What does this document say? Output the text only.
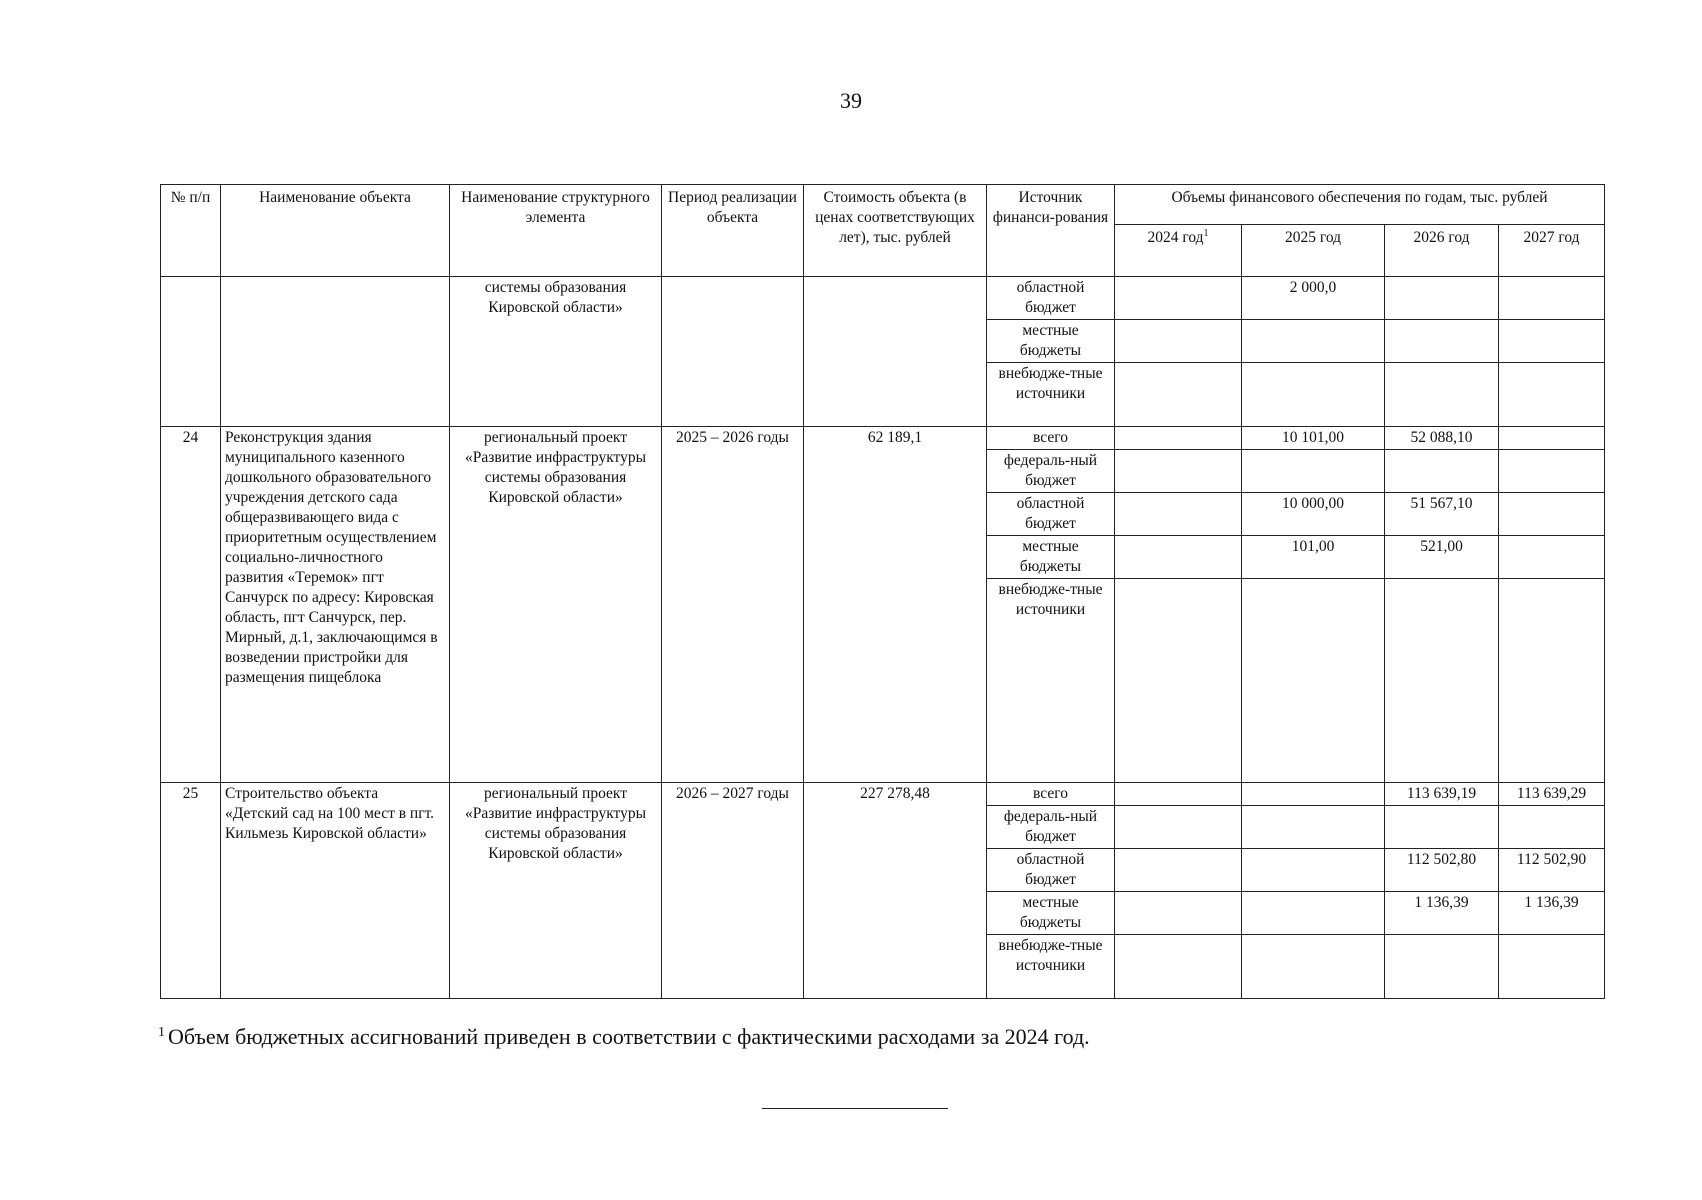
39
№ п/п	Наименование объекта	Наименование структурного элемента	Период реализации объекта	Стоимость объекта (в ценах соответствующих лет), тыс. рублей	Источник финанси-рования	Объемы финансового обеспечения по годам, тыс. рублей			
						2024 год$^1$	2025 год	2026 год	2027 год
		системы образования Кировской области»			областной бюджет		2 000,0		
					местные бюджеты				
					внебюдже-тные источники				
24	Реконструкция здания муниципального казенного дошкольного образовательного учреждения детского сада общеразвивающего вида с приоритетным осуществлением социально-личностного развития «Теремок» пгт Санчурск по адресу: Кировская область, пгт Санчурск, пер. Мирный, д.1, заключающимся в возведении пристройки для размещения пищеблока	региональный проект «Развитие инфраструктуры системы образования Кировской области»	2025 – 2026 годы	62 189,1	всего		10 101,00	52 088,10	
					федераль-ный бюджет				
					областной бюджет		10 000,00	51 567,10	
					местные бюджеты		101,00	521,00	
					внебюдже-тные источники				
25	Строительство объекта «Детский сад на 100 мест в пгт. Кильмезь Кировской области»	региональный проект «Развитие инфраструктуры системы образования Кировской области»	2026 – 2027 годы	227 278,48	всего			113 639,19	113 639,29
					федераль-ный бюджет				
					областной бюджет			112 502,80	112 502,90
					местные бюджеты			1 136,39	1 136,39
					внебюдже-тные источники				
$^1$ Объем бюджетных ассигнований приведен в соответствии с фактическими расходами за 2024 год.
